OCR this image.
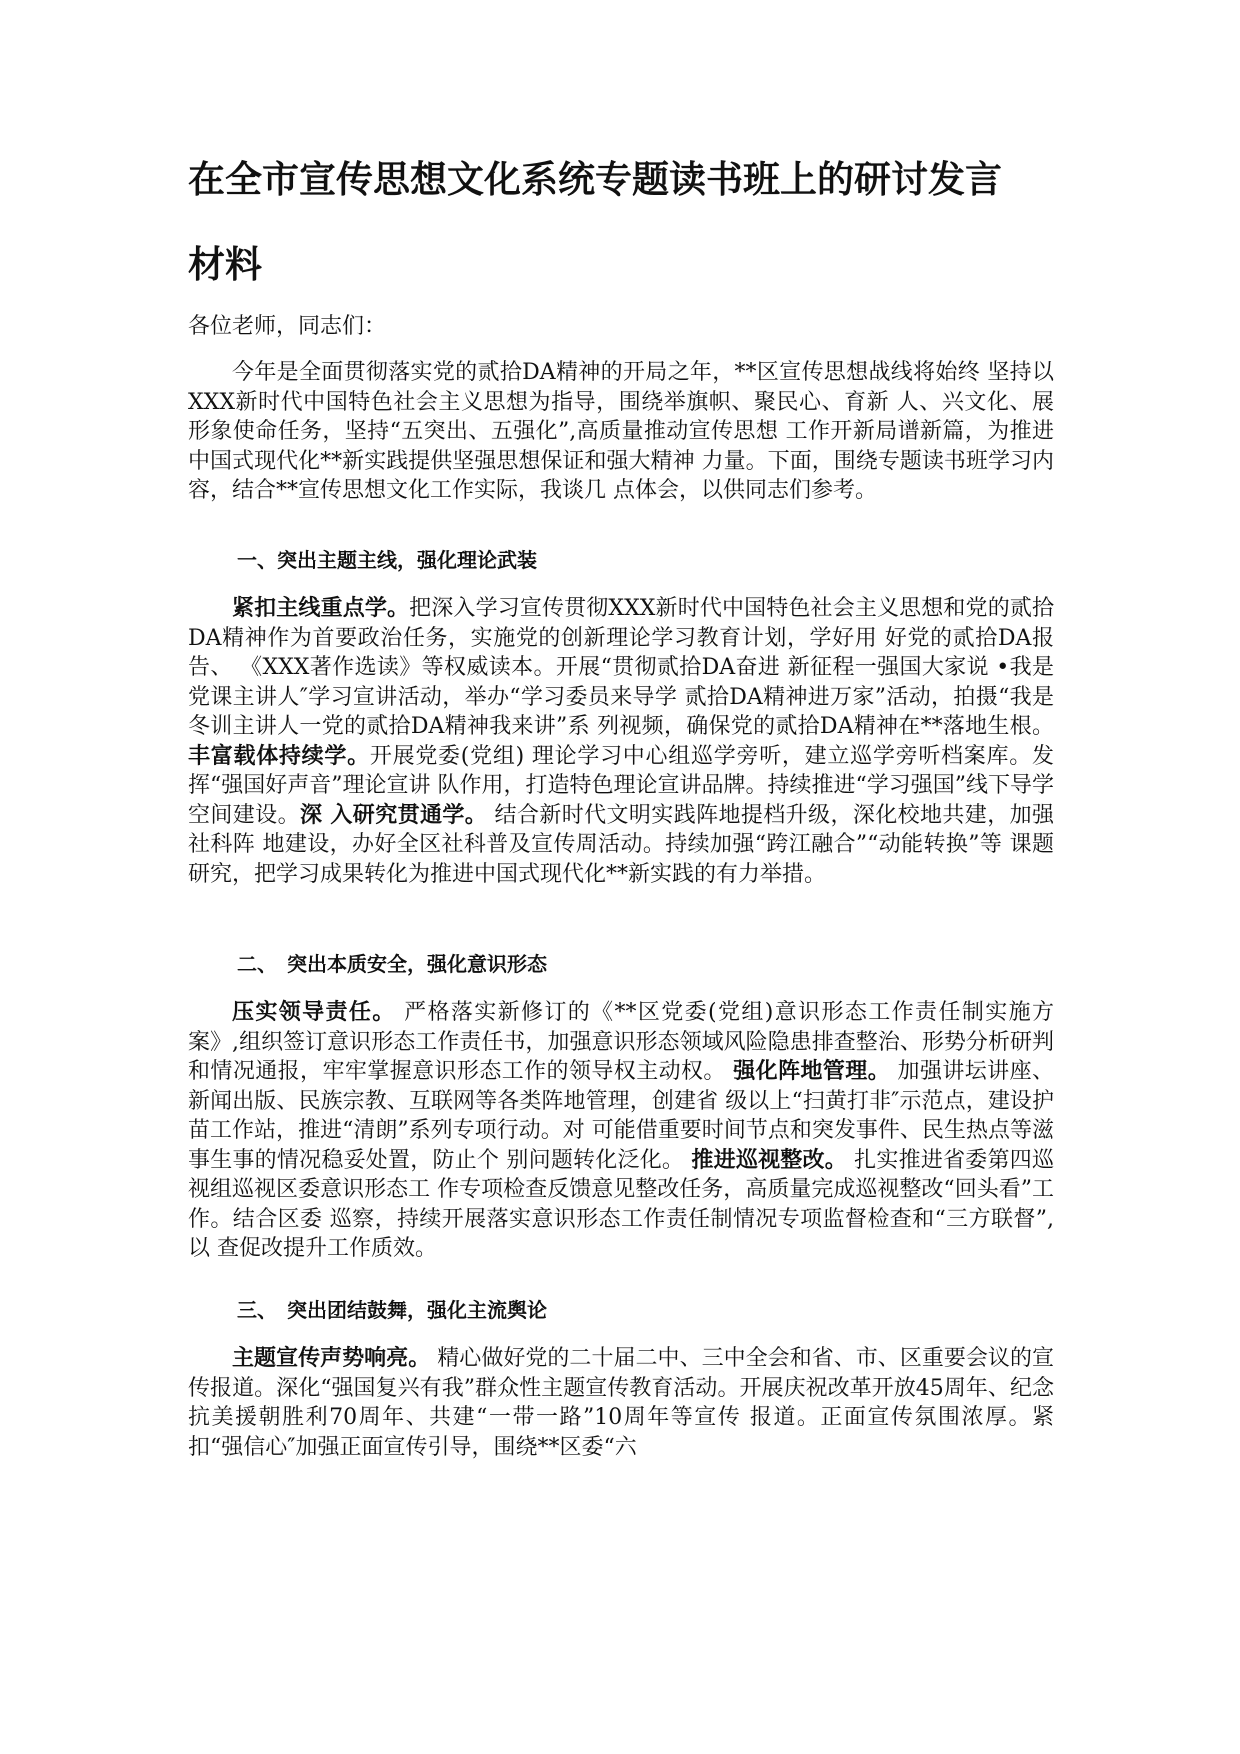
在全市宣传思想文化系统专题读书班上的研讨发言
材料

各位老师，同志们：

今年是全面贯彻落实党的贰拾DA精神的开局之年，**区宣传思想战线将始终 坚持以XXX新时代中国特色社会主义思想为指导，围绕举旗帜、聚民心、育新 人、兴文化、展形象使命任务，坚持“五突出、五强化”,高质量推动宣传思想 工作开新局谱新篇，为推进中国式现代化**新实践提供坚强思想保证和强大精神 力量。下面，围绕专题读书班学习内容，结合**宣传思想文化工作实际，我谈几 点体会，以供同志们参考。

一、突出主题主线，强化理论武装

紧扣主线重点学。把深入学习宣传贯彻XXX新时代中国特色社会主义思想和党的贰拾DA精神作为首要政治任务，实施党的创新理论学习教育计划，学好用 好党的贰拾DA报告、 《XXX著作选读》等权威读本。开展“贯彻贰拾DA奋进 新征程一强国大家说 •我是党课主讲人″学习宣讲活动，举办“学习委员来导学 贰拾DA精神进万家”活动，拍摄“我是冬训主讲人一党的贰拾DA精神我来讲”系 列视频，确保党的贰拾DA精神在**落地生根。丰富载体持续学。开展党委(党组) 理论学习中心组巡学旁听，建立巡学旁听档案库。发挥“强国好声音”理论宣讲 队作用，打造特色理论宣讲品牌。持续推进“学习强国”线下导学空间建设。深 入研究贯通学。 结合新时代文明实践阵地提档升级，深化校地共建，加强社科阵 地建设，办好全区社科普及宣传周活动。持续加强“跨江融合”“动能转换”等 课题研究，把学习成果转化为推进中国式现代化**新实践的有力举措。

二、　突出本质安全，强化意识形态

压实领导责任。 严格落实新修订的《**区党委(党组)意识形态工作责任制实施方案》,组织签订意识形态工作责任书，加强意识形态领域风险隐患排查整治、形势分析研判和情况通报，牢牢掌握意识形态工作的领导权主动权。 强化阵地管理。 加强讲坛讲座、新闻出版、民族宗教、互联网等各类阵地管理，创建省 级以上“扫黄打非″示范点，建设护苗工作站，推进“清朗”系列专项行动。对 可能借重要时间节点和突发事件、民生热点等滋事生事的情况稳妥处置，防止个 别问题转化泛化。 推进巡视整改。 扎实推进省委第四巡视组巡视区委意识形态工 作专项检查反馈意见整改任务，高质量完成巡视整改“回头看”工作。结合区委 巡察，持续开展落实意识形态工作责任制情况专项监督检查和“三方联督”,以 查促改提升工作质效。

三、　突出团结鼓舞，强化主流舆论

主题宣传声势响亮。 精心做好党的二十届二中、三中全会和省、市、区重要会议的宣传报道。深化“强国复兴有我”群众性主题宣传教育活动。开展庆祝改革开放45周年、纪念抗美援朝胜利70周年、共建“一带一路”10周年等宣传 报道。正面宣传氛围浓厚。紧扣“强信心″加强正面宣传引导，围绕**区委“六
